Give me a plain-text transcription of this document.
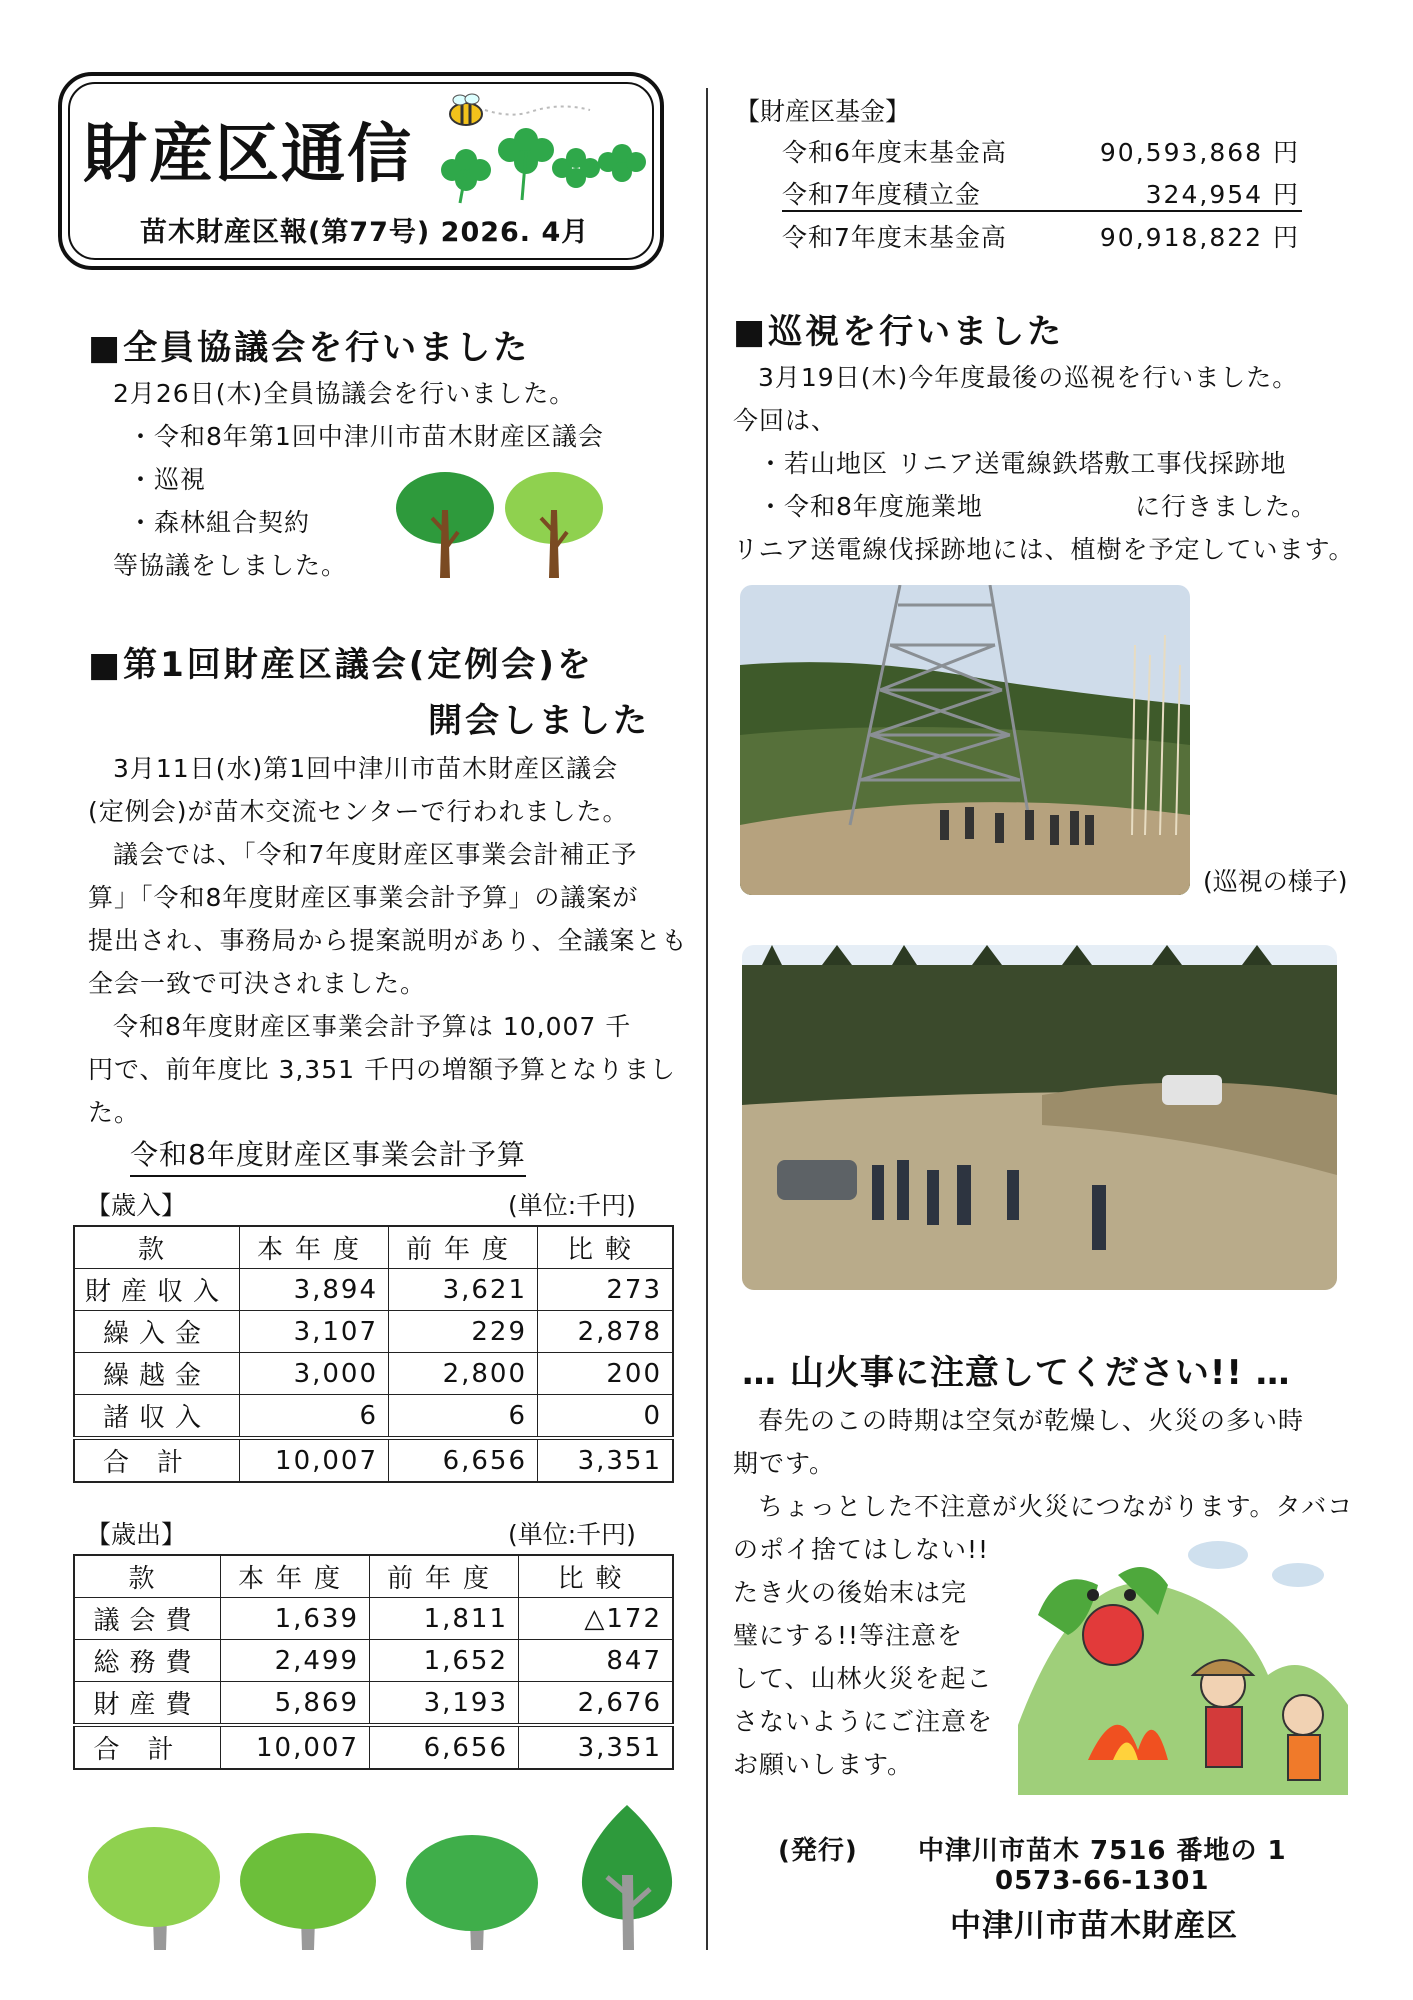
財産区通信
苗木財産区報(第77号) 2026. 4月
■全員協議会を行いました
2月26日(木)全員協議会を行いました。
・令和8年第1回中津川市苗木財産区議会
・巡視
・森林組合契約
等協議をしました。
■第1回財産区議会(定例会)を
開会しました
3月11日(水)第1回中津川市苗木財産区議会
(定例会)が苗木交流センターで行われました。
議会では、「令和7年度財産区事業会計補正予
算」「令和8年度財産区事業会計予算」の議案が
提出され、事務局から提案説明があり、全議案とも
全会一致で可決されました。
令和8年度財産区事業会計予算は 10,007 千
円で、前年度比 3,351 千円の増額予算となりまし
た。
令和8年度財産区事業会計予算
【歳入】	(単位:千円)
款	本年度	前年度	比較
財産収入	3,894	3,621	273
繰入金	3,107	229	2,878
繰越金	3,000	2,800	200
諸収入	6	6	0
合計	10,007	6,656	3,351
【歳出】	(単位:千円)
款	本年度	前年度	比較
議会費	1,639	1,811	△172
総務費	2,499	1,652	847
財産費	5,869	3,193	2,676
合計	10,007	6,656	3,351
【財産区基金】
令和6年度末基金高	90,593,868 円
令和7年度積立金	324,954 円
令和7年度末基金高	90,918,822 円
■巡視を行いました
3月19日(木)今年度最後の巡視を行いました。
今回は、
・若山地区 リニア送電線鉄塔敷工事伐採跡地
・令和8年度施業地	に行きました。
リニア送電線伐採跡地には、植樹を予定しています。
(巡視の様子)
… 山火事に注意してください!! …
春先のこの時期は空気が乾燥し、火災の多い時
期です。
ちょっとした不注意が火災につながります。タバコ
のポイ捨てはしない!!
たき火の後始末は完
璧にする!!等注意を
して、山林火災を起こ
さないようにご注意を
お願いします。
(発行) 中津川市苗木 7516 番地の 1
0573-66-1301
中津川市苗木財産区
